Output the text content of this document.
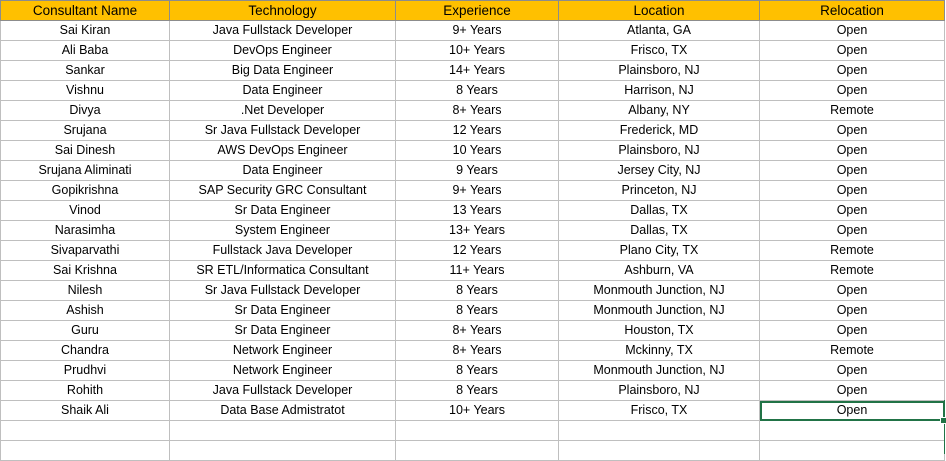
Consultant Name	Technology	Experience	Location	Relocation
Sai Kiran	Java Fullstack Developer	9+ Years	Atlanta, GA	Open
Ali Baba	DevOps Engineer	10+ Years	Frisco, TX	Open
Sankar	Big Data Engineer	14+ Years	Plainsboro, NJ	Open
Vishnu	Data Engineer	8 Years	Harrison, NJ	Open
Divya	.Net Developer	8+ Years	Albany, NY	Remote
Srujana	Sr Java Fullstack Developer	12 Years	Frederick, MD	Open
Sai Dinesh	AWS DevOps Engineer	10 Years	Plainsboro, NJ	Open
Srujana Aliminati	Data Engineer	9 Years	Jersey City, NJ	Open
Gopikrishna	SAP Security GRC Consultant	9+ Years	Princeton, NJ	Open
Vinod	Sr Data Engineer	13 Years	Dallas, TX	Open
Narasimha	System Engineer	13+ Years	Dallas, TX	Open
Sivaparvathi	Fullstack Java Developer	12 Years	Plano City, TX	Remote
Sai Krishna	SR ETL/Informatica Consultant	11+ Years	Ashburn, VA	Remote
Nilesh	Sr Java Fullstack Developer	8 Years	Monmouth Junction, NJ	Open
Ashish	Sr Data Engineer	8 Years	Monmouth Junction, NJ	Open
Guru	Sr Data Engineer	8+ Years	Houston, TX	Open
Chandra	Network Engineer	8+ Years	Mckinny, TX	Remote
Prudhvi	Network Engineer	8 Years	Monmouth Junction, NJ	Open
Rohith	Java Fullstack Developer	8 Years	Plainsboro, NJ	Open
Shaik Ali	Data Base Admistratot	10+ Years	Frisco, TX	Open
